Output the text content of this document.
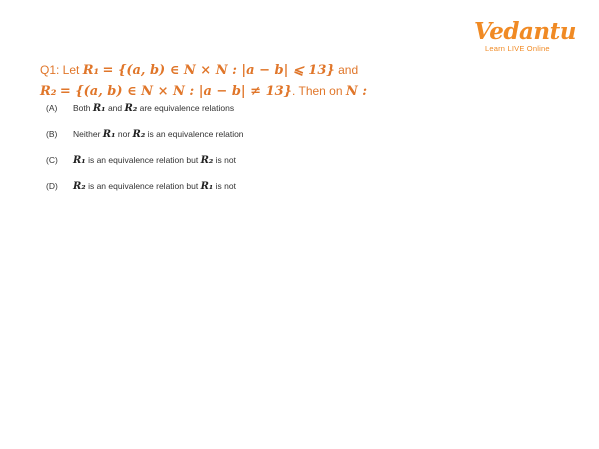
Vedantu
Learn LIVE Online
Q1: Let R₁ = {(a, b) ∈ N × N : |a − b| ⩽ 13} and
R₂ = {(a, b) ∈ N × N : |a − b| ≠ 13}. Then on N :
(A) Both R₁ and R₂ are equivalence relations
(B) Neither R₁ nor R₂ is an equivalence relation
(C) R₁ is an equivalence relation but R₂ is not
(D) R₂ is an equivalence relation but R₁ is not
